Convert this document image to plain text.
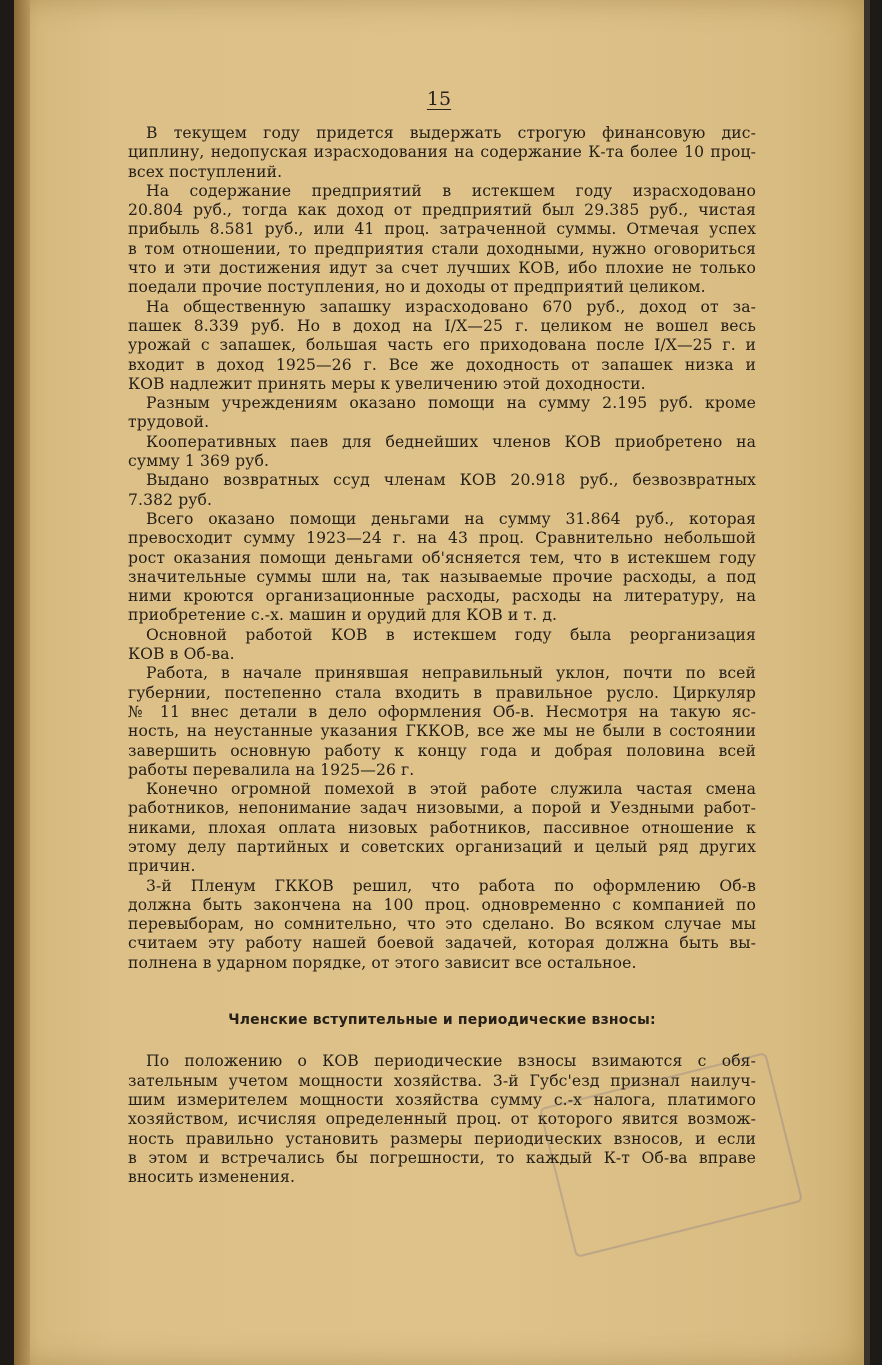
15
В текущем году придется выдержать строгую финансовую дис-
циплину, недопуская израсходования на содержание К-та более 10 проц-
всех поступлений.
На содержание предприятий в истекшем году израсходовано
20.804 руб., тогда как доход от предприятий был 29.385 руб., чистая
прибыль 8.581 руб., или 41 проц. затраченной суммы. Отмечая успех
в том отношении, то предприятия стали доходными, нужно оговориться
что и эти достижения идут за счет лучших КОВ, ибо плохие не только
поедали прочие поступления, но и доходы от предприятий целиком.
На общественную запашку израсходовано 670 руб., доход от за-
пашек 8.339 руб. Но в доход на I/X—25 г. целиком не вошел весь
урожай с запашек, большая часть его приходована после I/X—25 г. и
входит в доход 1925—26 г. Все же доходность от запашек низка и
КОВ надлежит принять меры к увеличению этой доходности.
Разным учреждениям оказано помощи на сумму 2.195 руб. кроме
трудовой.
Кооперативных паев для беднейших членов КОВ приобретено на
сумму 1 369 руб.
Выдано возвратных ссуд членам КОВ 20.918 руб., безвозвратных
7.382 руб.
Всего оказано помощи деньгами на сумму 31.864 руб., которая
превосходит сумму 1923—24 г. на 43 проц. Сравнительно небольшой
рост оказания помощи деньгами об'ясняется тем, что в истекшем году
значительные суммы шли на, так называемые прочие расходы, а под
ними кроются организационные расходы, расходы на литературу, на
приобретение с.-х. машин и орудий для КОВ и т. д.
Основной работой КОВ в истекшем году была реорганизация
КОВ в Об-ва.
Работа, в начале принявшая неправильный уклон, почти по всей
губернии, постепенно стала входить в правильное русло. Циркуляр
№ 11 внес детали в дело оформления Об-в. Несмотря на такую яс-
ность, на неустанные указания ГККОВ, все же мы не были в состоянии
завершить основную работу к концу года и добрая половина всей
работы перевалила на 1925—26 г.
Конечно огромной помехой в этой работе служила частая смена
работников, непонимание задач низовыми, а порой и Уездными работ-
никами, плохая оплата низовых работников, пассивное отношение к
этому делу партийных и советских организаций и целый ряд других
причин.
3-й Пленум ГККОВ решил, что работа по оформлению Об-в
должна быть закончена на 100 проц. одновременно с компанией по
перевыборам, но сомнительно, что это сделано. Во всяком случае мы
считаем эту работу нашей боевой задачей, которая должна быть вы-
полнена в ударном порядке, от этого зависит все остальное.
Членские вступительные и периодические взносы:
По положению о КОВ периодические взносы взимаются с обя-
зательным учетом мощности хозяйства. 3-й Губс'езд признал наилуч-
шим измерителем мощности хозяйства сумму с.-х налога, платимого
хозяйством, исчисляя определенный проц. от которого явится возмож-
ность правильно установить размеры периодических взносов, и если
в этом и встречались бы погрешности, то каждый К-т Об-ва вправе
вносить изменения.
